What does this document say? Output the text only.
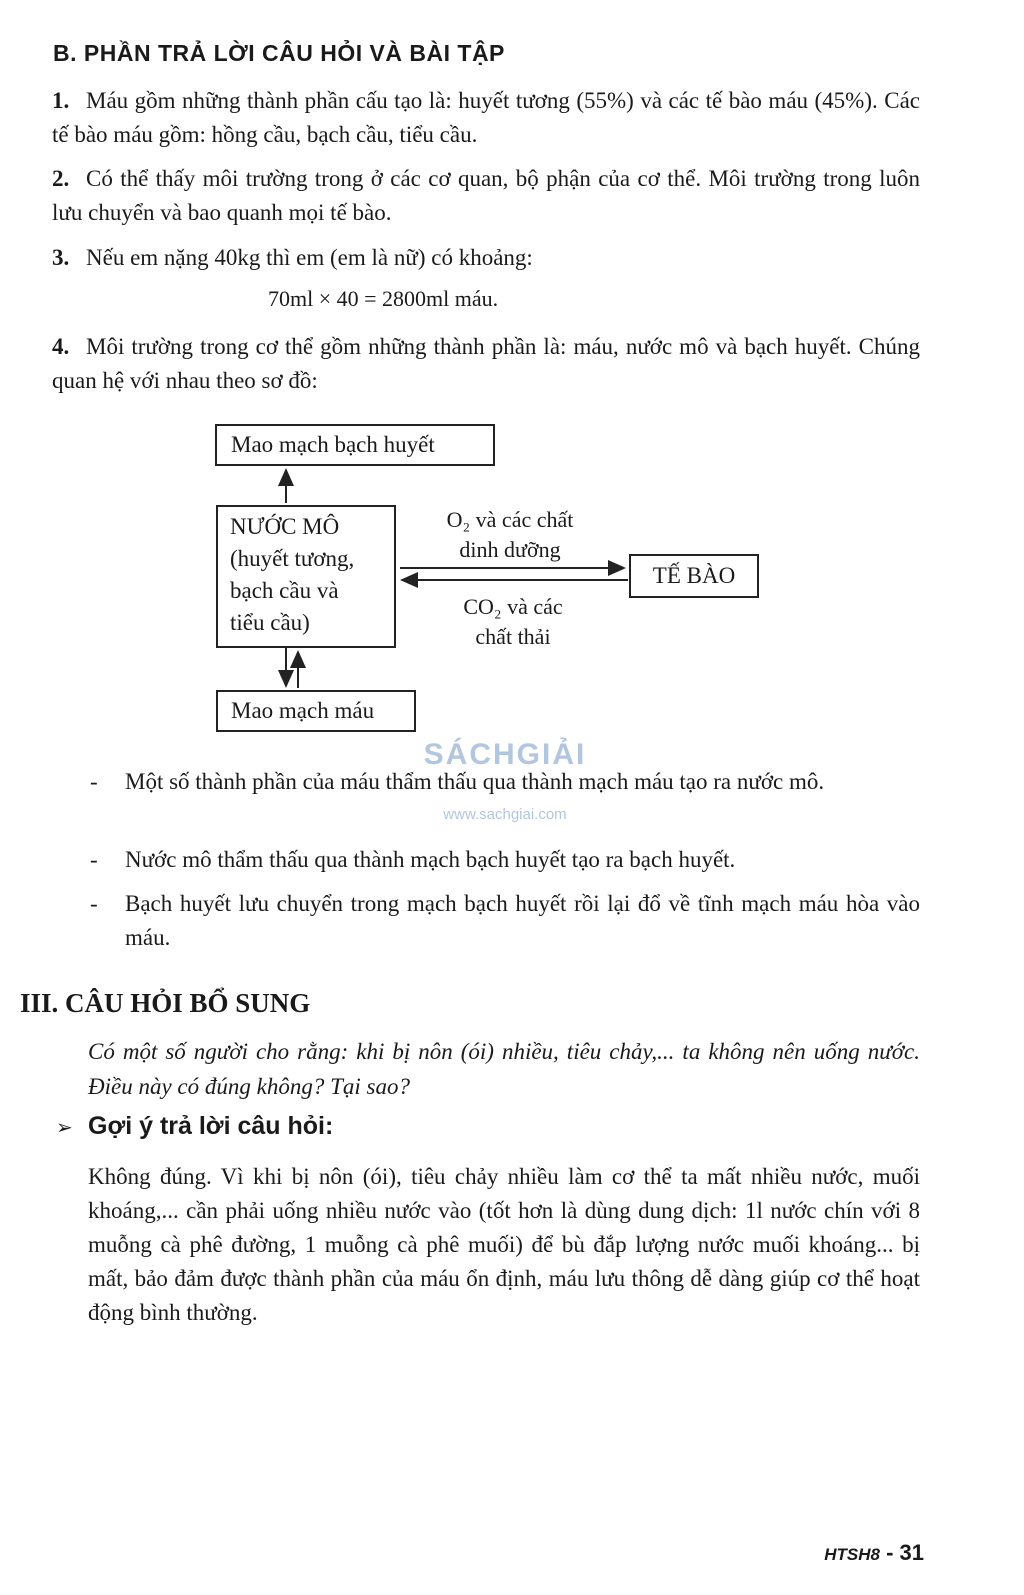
B. PHẦN TRẢ LỜI CÂU HỎI VÀ BÀI TẬP
1. Máu gồm những thành phần cấu tạo là: huyết tương (55%) và các tế bào máu (45%). Các tế bào máu gồm: hồng cầu, bạch cầu, tiểu cầu.
2. Có thể thấy môi trường trong ở các cơ quan, bộ phận của cơ thể. Môi trường trong luôn lưu chuyển và bao quanh mọi tế bào.
3. Nếu em nặng 40kg thì em (em là nữ) có khoảng:
70ml × 40 = 2800ml máu.
4. Môi trường trong cơ thể gồm những thành phần là: máu, nước mô và bạch huyết. Chúng quan hệ với nhau theo sơ đồ:
Mao mạch bạch huyết
NƯỚC MÔ
(huyết tương,
bạch cầu và
tiểu cầu)
Mao mạch máu
TẾ BÀO
O₂ và các chất
dinh dưỡng
CO₂ và các
chất thải
SÁCHGIẢI
www.sachgiai.com
-	Một số thành phần của máu thẩm thấu qua thành mạch máu tạo ra nước mô.
-	Nước mô thẩm thấu qua thành mạch bạch huyết tạo ra bạch huyết.
-	Bạch huyết lưu chuyển trong mạch bạch huyết rồi lại đổ về tĩnh mạch máu hòa vào máu.
III. CÂU HỎI BỔ SUNG
Có một số người cho rằng: khi bị nôn (ói) nhiều, tiêu chảy,... ta không nên uống nước. Điều này có đúng không? Tại sao?
➢ Gợi ý trả lời câu hỏi:
Không đúng. Vì khi bị nôn (ói), tiêu chảy nhiều làm cơ thể ta mất nhiều nước, muối khoáng,... cần phải uống nhiều nước vào (tốt hơn là dùng dung dịch: 1l nước chín với 8 muỗng cà phê đường, 1 muỗng cà phê muối) để bù đắp lượng nước muối khoáng... bị mất, bảo đảm được thành phần của máu ổn định, máu lưu thông dễ dàng giúp cơ thể hoạt động bình thường.
HTSH8 - 31
